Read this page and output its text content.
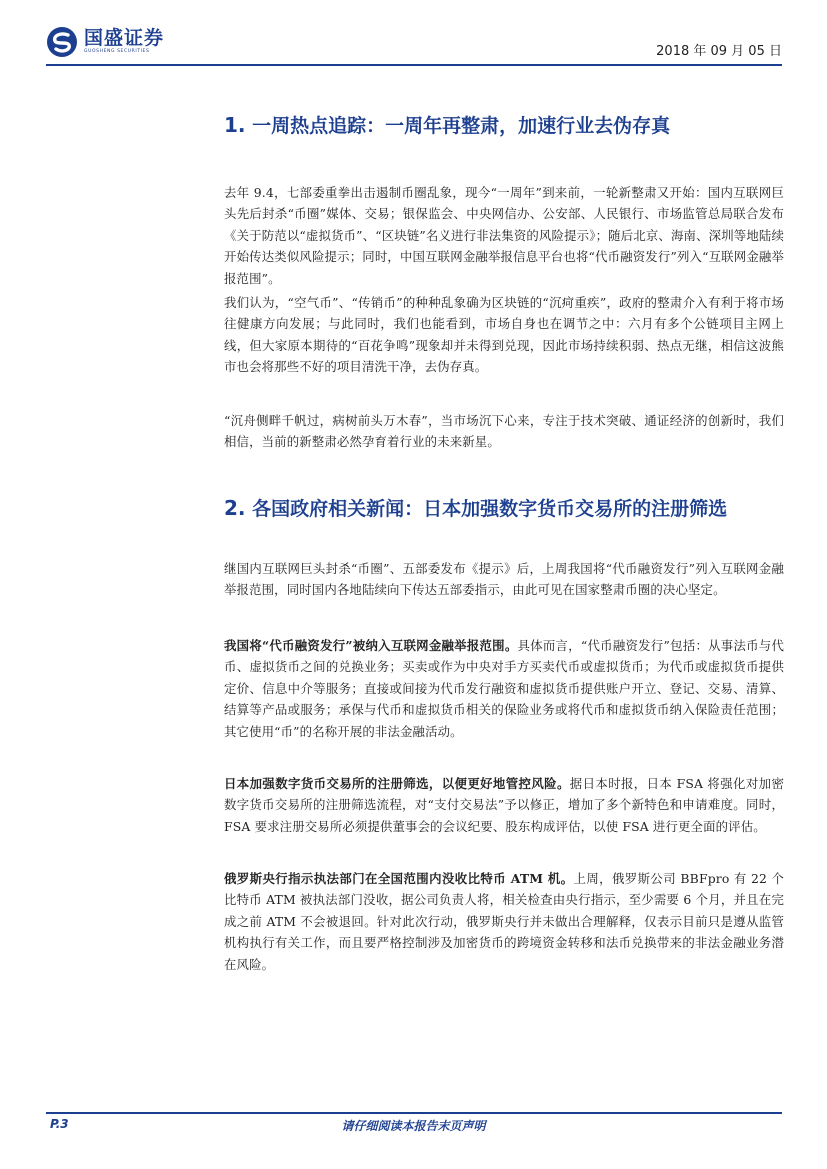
国盛证券
GUOSHENG SECURITIES	2018 年 09 月 05 日
1. 一周热点追踪：一周年再整肃，加速行业去伪存真
去年 9.4，七部委重拳出击遏制币圈乱象，现今“一周年”到来前，一轮新整肃又开始：国内互联网巨头先后封杀“币圈”媒体、交易；银保监会、中央网信办、公安部、人民银行、市场监管总局联合发布《关于防范以“虚拟货币”、“区块链”名义进行非法集资的风险提示》；随后北京、海南、深圳等地陆续开始传达类似风险提示；同时，中国互联网金融举报信息平台也将“代币融资发行”列入“互联网金融举报范围”。
我们认为，“空气币”、“传销币”的种种乱象确为区块链的“沉疴重疾”，政府的整肃介入有利于将市场往健康方向发展；与此同时，我们也能看到，市场自身也在调节之中：六月有多个公链项目主网上线，但大家原本期待的“百花争鸣”现象却并未得到兑现，因此市场持续积弱、热点无继，相信这波熊市也会将那些不好的项目清洗干净，去伪存真。
“沉舟侧畔千帆过，病树前头万木春”，当市场沉下心来，专注于技术突破、通证经济的创新时，我们相信，当前的新整肃必然孕育着行业的未来新星。
2. 各国政府相关新闻：日本加强数字货币交易所的注册筛选
继国内互联网巨头封杀“币圈”、五部委发布《提示》后，上周我国将“代币融资发行”列入互联网金融举报范围，同时国内各地陆续向下传达五部委指示，由此可见在国家整肃币圈的决心坚定。
我国将“代币融资发行”被纳入互联网金融举报范围。具体而言，“代币融资发行”包括：从事法币与代币、虚拟货币之间的兑换业务；买卖或作为中央对手方买卖代币或虚拟货币；为代币或虚拟货币提供定价、信息中介等服务；直接或间接为代币发行融资和虚拟货币提供账户开立、登记、交易、清算、结算等产品或服务；承保与代币和虚拟货币相关的保险业务或将代币和虚拟货币纳入保险责任范围；其它使用“币”的名称开展的非法金融活动。
日本加强数字货币交易所的注册筛选，以便更好地管控风险。据日本时报，日本 FSA 将强化对加密数字货币交易所的注册筛选流程，对“支付交易法”予以修正，增加了多个新特色和申请难度。同时，FSA 要求注册交易所必须提供董事会的会议纪要、股东构成评估，以使 FSA 进行更全面的评估。
俄罗斯央行指示执法部门在全国范围内没收比特币 ATM 机。上周，俄罗斯公司 BBFpro 有 22 个比特币 ATM 被执法部门没收，据公司负责人将，相关检查由央行指示，至少需要 6 个月，并且在完成之前 ATM 不会被退回。针对此次行动，俄罗斯央行并未做出合理解释，仅表示目前只是遵从监管机构执行有关工作，而且要严格控制涉及加密货币的跨境资金转移和法币兑换带来的非法金融业务潜在风险。
请仔细阅读本报告末页声明
P.3
